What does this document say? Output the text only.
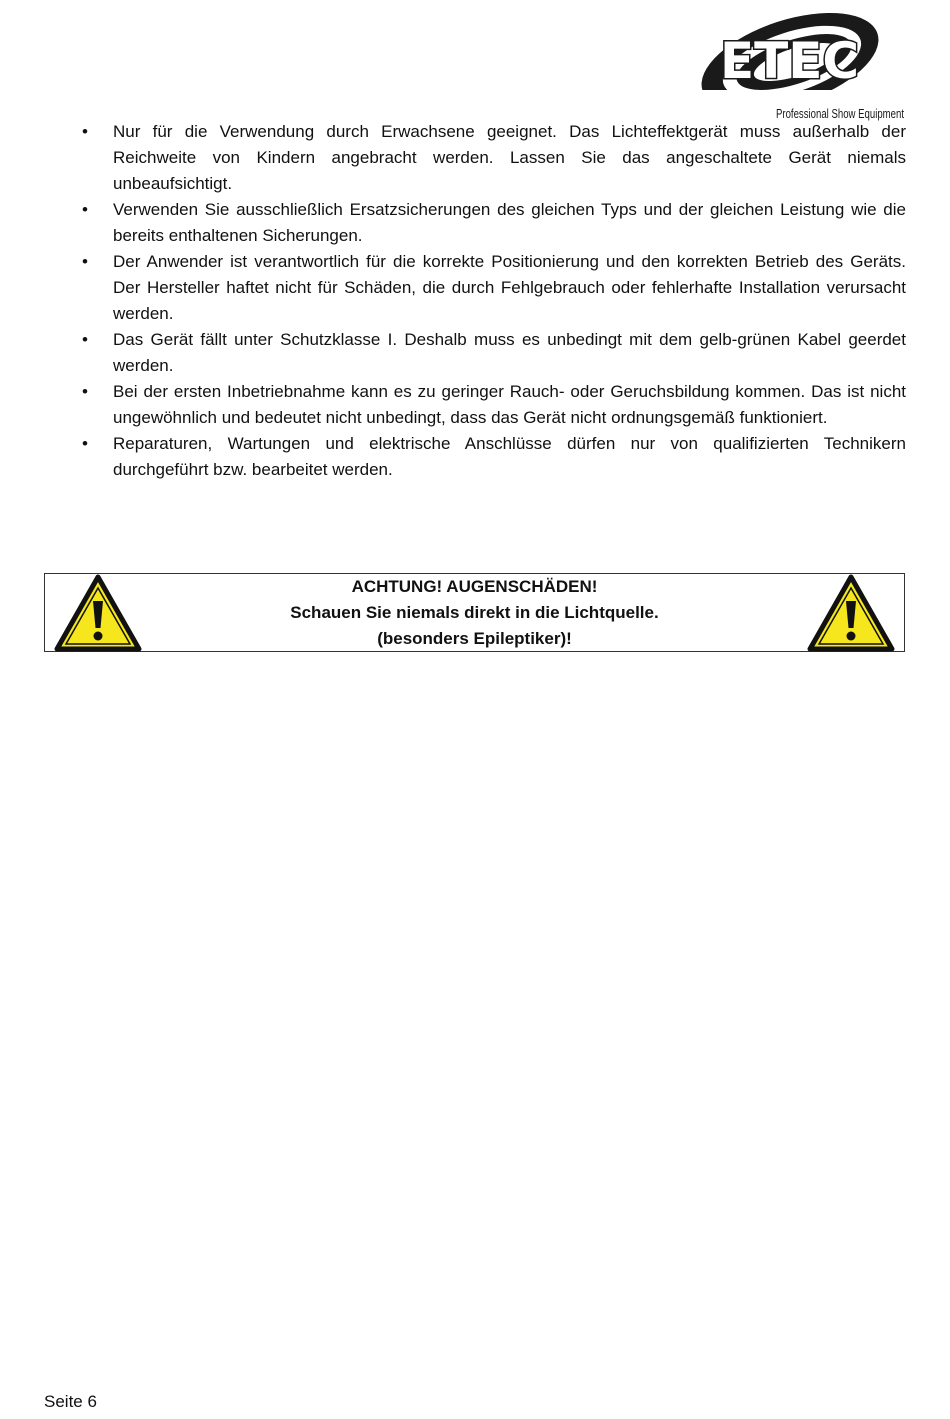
ETEC
Professional Show Equipment
• Nur für die Verwendung durch Erwachsene geeignet. Das Lichteffektgerät muss außerhalb der Reichweite von Kindern angebracht werden. Lassen Sie das angeschaltete Gerät niemals unbeaufsichtigt.
• Verwenden Sie ausschließlich Ersatzsicherungen des gleichen Typs und der gleichen Leistung wie die bereits enthaltenen Sicherungen.
• Der Anwender ist verantwortlich für die korrekte Positionierung und den korrekten Betrieb des Geräts. Der Hersteller haftet nicht für Schäden, die durch Fehlgebrauch oder fehlerhafte Installation verursacht werden.
• Das Gerät fällt unter Schutzklasse I. Deshalb muss es unbedingt mit dem gelb-grünen Kabel geerdet werden.
• Bei der ersten Inbetriebnahme kann es zu geringer Rauch- oder Geruchsbildung kommen. Das ist nicht ungewöhnlich und bedeutet nicht unbedingt, dass das Gerät nicht ordnungsgemäß funktioniert.
• Reparaturen, Wartungen und elektrische Anschlüsse dürfen nur von qualifizierten Technikern durchgeführt bzw. bearbeitet werden.
ACHTUNG! AUGENSCHÄDEN!
Schauen Sie niemals direkt in die Lichtquelle.
(besonders Epileptiker)!
Seite 6
